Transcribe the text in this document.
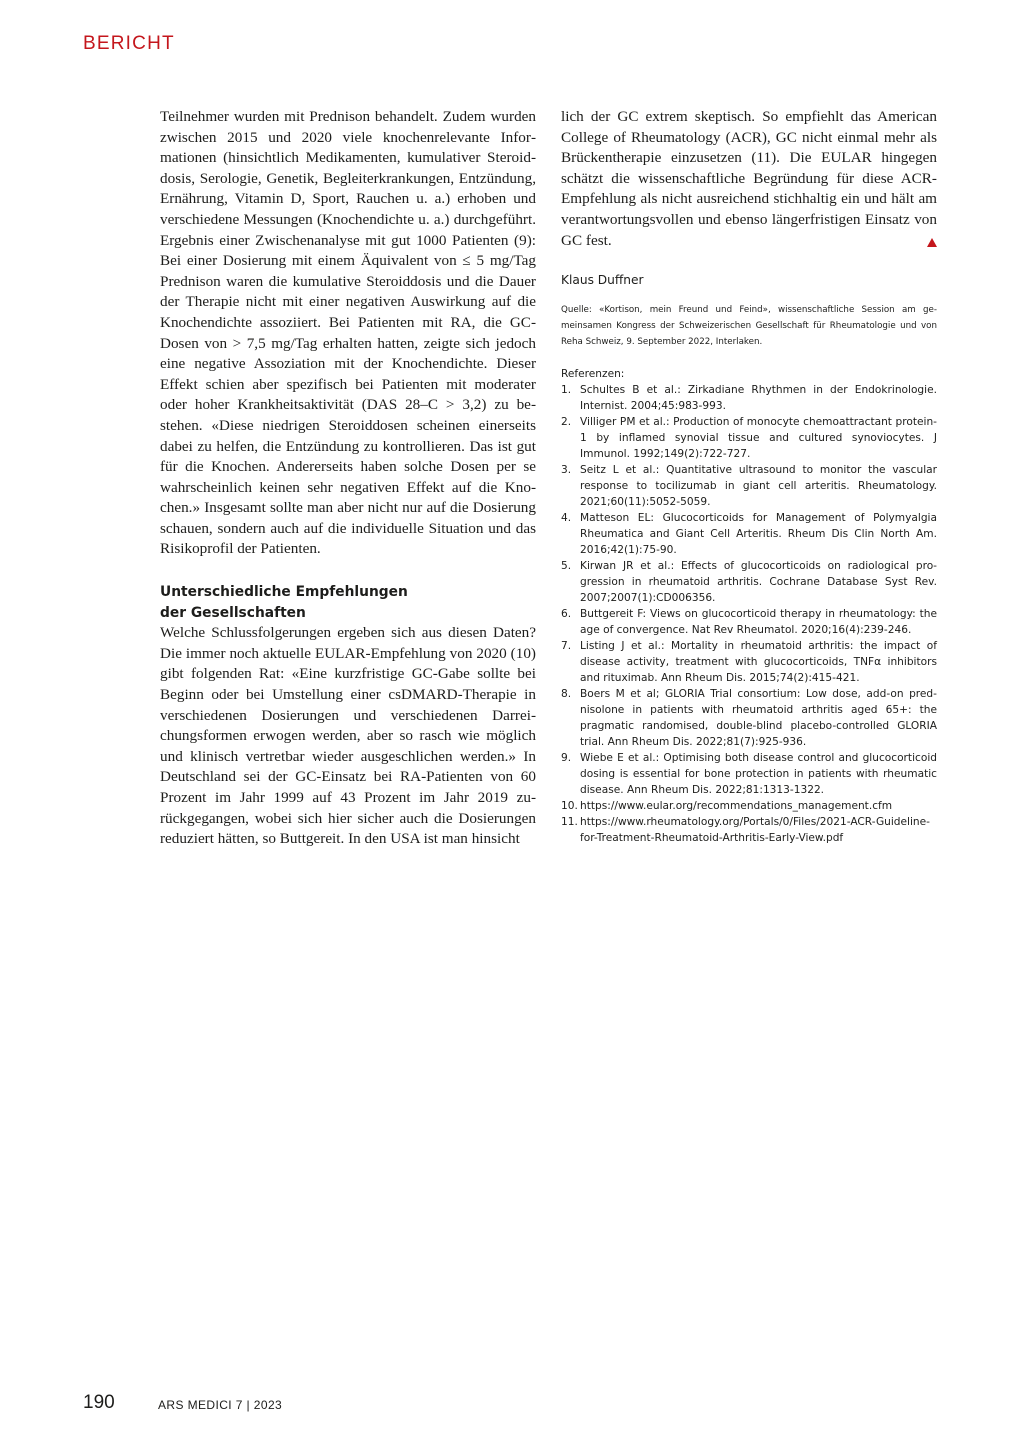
BERICHT

Teilnehmer wurden mit Prednison behandelt. Zudem wurden zwischen 2015 und 2020 viele knochenrelevante Informationen (hinsichtlich Medikamenten, kumulativer Steroiddosis, Serologie, Genetik, Begleiterkrankungen, Entzündung, Ernährung, Vitamin D, Sport, Rauchen u. a.) erhoben und verschiedene Messungen (Knochendichte u. a.) durchgeführt. Ergebnis einer Zwischenanalyse mit gut 1000 Patienten (9): Bei einer Dosierung mit einem Äquivalent von ≤ 5 mg/Tag Prednison waren die kumulative Steroiddosis und die Dauer der Therapie nicht mit einer negativen Auswirkung auf die Knochendichte assoziiert. Bei Patienten mit RA, die GC-Dosen von > 7,5 mg/Tag erhalten hatten, zeigte sich jedoch eine negative Assoziation mit der Knochendichte. Dieser Effekt schien aber spezifisch bei Patienten mit moderater oder hoher Krankheitsaktivität (DAS 28–C > 3,2) zu bestehen. «Diese niedrigen Steroiddosen scheinen einerseits dabei zu helfen, die Entzündung zu kontrollieren. Das ist gut für die Knochen. Andererseits haben solche Dosen per se wahrscheinlich keinen sehr negativen Effekt auf die Knochen.» Insgesamt sollte man aber nicht nur auf die Dosierung schauen, sondern auch auf die individuelle Situation und das Risikoprofil der Patienten.

Unterschiedliche Empfehlungen
der Gesellschaften

Welche Schlussfolgerungen ergeben sich aus diesen Daten? Die immer noch aktuelle EULAR-Empfehlung von 2020 (10) gibt folgenden Rat: «Eine kurzfristige GC-Gabe sollte bei Beginn oder bei Umstellung einer csDMARD-Therapie in verschiedenen Dosierungen und verschiedenen Darreichungsformen erwogen werden, aber so rasch wie möglich und klinisch vertretbar wieder ausgeschlichen werden.» In Deutschland sei der GC-Einsatz bei RA-Patienten von 60 Prozent im Jahr 1999 auf 43 Prozent im Jahr 2019 zurückgegangen, wobei sich hier sicher auch die Dosierungen reduziert hätten, so Buttgereit. In den USA ist man hinsicht

lich der GC extrem skeptisch. So empfiehlt das American College of Rheumatology (ACR), GC nicht einmal mehr als Brückentherapie einzusetzen (11). Die EULAR hingegen schätzt die wissenschaftliche Begründung für diese ACR-Empfehlung als nicht ausreichend stichhaltig ein und hält am verantwortungsvollen und ebenso längerfristigen Einsatz von GC fest.
Klaus Duffner
Quelle: «Kortison, mein Freund und Feind», wissenschaftliche Session am gemeinsamen Kongress der Schweizerischen Gesellschaft für Rheumatologie und von Reha Schweiz, 9. September 2022, Interlaken.
Referenzen:
1. Schultes B et al.: Zirkadiane Rhythmen in der Endokrinologie. Internist. 2004;45:983-993.
2. Villiger PM et al.: Production of monocyte chemoattractant protein-1 by inflamed synovial tissue and cultured synoviocytes. J Immunol. 1992;149(2):722-727.
3. Seitz L et al.: Quantitative ultrasound to monitor the vascular response to tocilizumab in giant cell arteritis. Rheumatology. 2021;60(11):5052-5059.
4. Matteson EL: Glucocorticoids for Management of Polymyalgia Rheumatica and Giant Cell Arteritis. Rheum Dis Clin North Am. 2016;42(1):75-90.
5. Kirwan JR et al.: Effects of glucocorticoids on radiological progression in rheumatoid arthritis. Cochrane Database Syst Rev. 2007;2007(1):CD006356.
6. Buttgereit F: Views on glucocorticoid therapy in rheumatology: the age of convergence. Nat Rev Rheumatol. 2020;16(4):239-246.
7. Listing J et al.: Mortality in rheumatoid arthritis: the impact of disease activity, treatment with glucocorticoids, TNFα inhibitors and rituximab. Ann Rheum Dis. 2015;74(2):415-421.
8. Boers M et al; GLORIA Trial consortium: Low dose, add-on prednisolone in patients with rheumatoid arthritis aged 65+: the pragmatic randomised, double-blind placebo-controlled GLORIA trial. Ann Rheum Dis. 2022;81(7):925-936.
9. Wiebe E et al.: Optimising both disease control and glucocorticoid dosing is essential for bone protection in patients with rheumatic disease. Ann Rheum Dis. 2022;81:1313-1322.
10. https://www.eular.org/recommendations_management.cfm
11. https://www.rheumatology.org/Portals/0/Files/2021-ACR-Guideline-for-Treatment-Rheumatoid-Arthritis-Early-View.pdf
190	ARS MEDICI 7 | 2023
